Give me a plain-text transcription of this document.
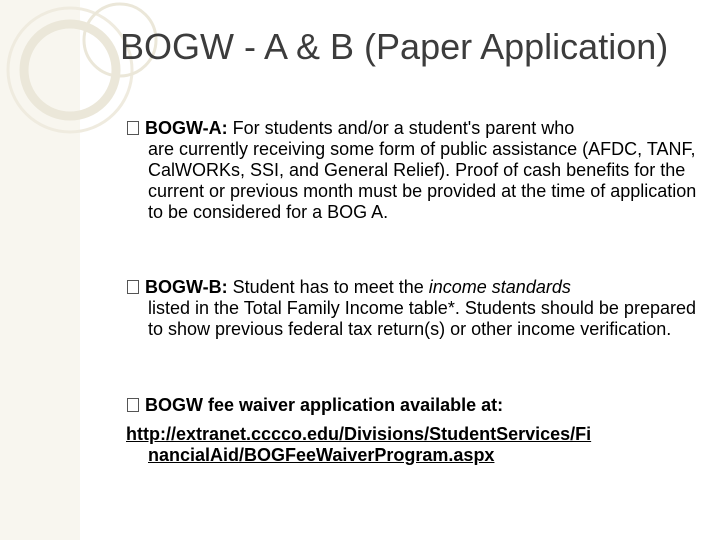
BOGW - A & B (Paper Application)
BOGW-A: For students and/or a student's parent who
are currently receiving some form of public assistance (AFDC, TANF, CalWORKs, SSI, and General Relief). Proof of cash benefits for the current or previous month must be provided at the time of application to be considered for a BOG A.
BOGW-B: Student has to meet the income standards
listed in the Total Family Income table*. Students should be prepared to show previous federal tax return(s) or other income verification.
BOGW fee waiver application available at:
http://extranet.cccco.edu/Divisions/StudentServices/Fi
nancialAid/BOGFeeWaiverProgram.aspx
